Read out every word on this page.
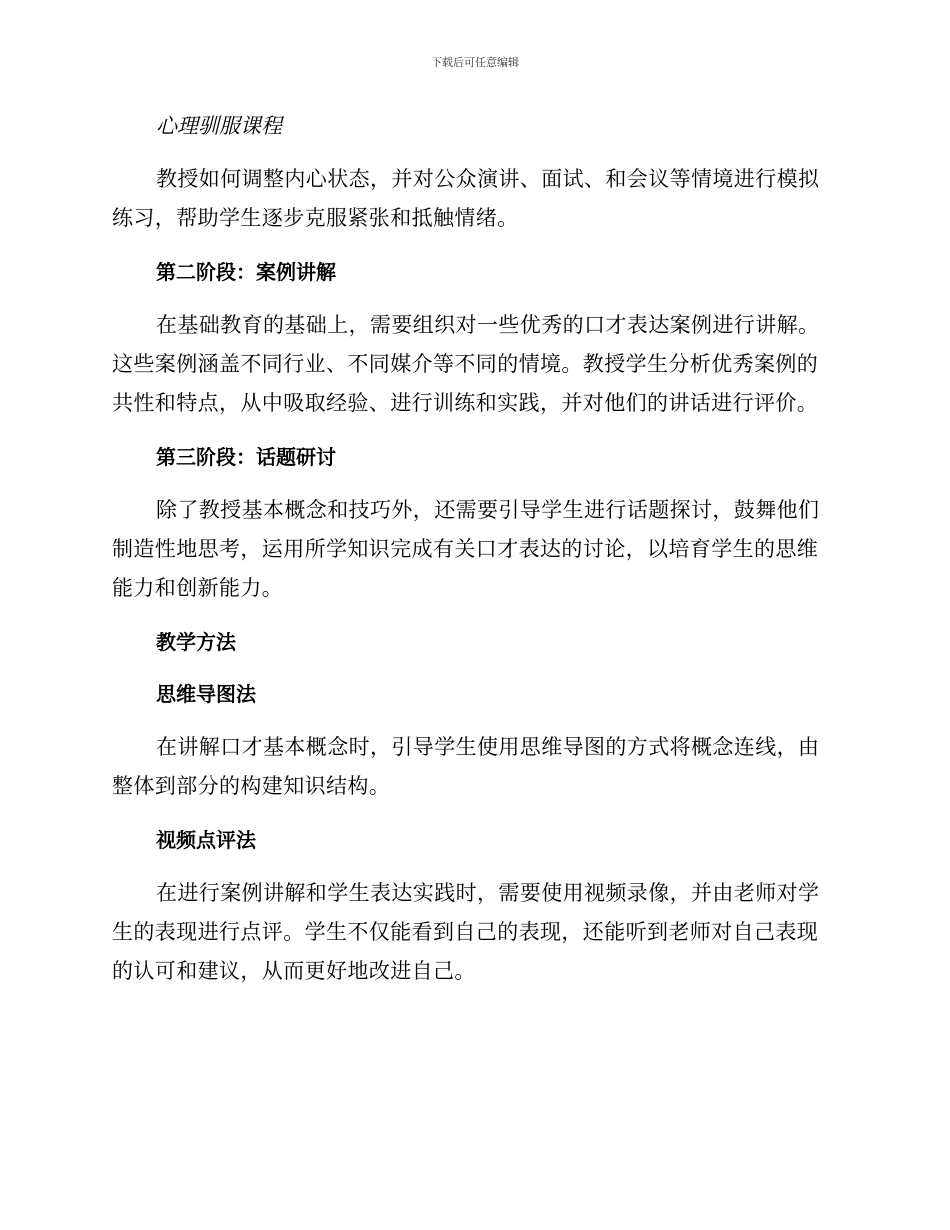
下载后可任意编辑
心理驯服课程
教授如何调整内心状态，并对公众演讲、面试、和会议等情境进行模拟练习，帮助学生逐步克服紧张和抵触情绪。
第二阶段：案例讲解
在基础教育的基础上，需要组织对一些优秀的口才表达案例进行讲解。这些案例涵盖不同行业、不同媒介等不同的情境。教授学生分析优秀案例的共性和特点，从中吸取经验、进行训练和实践，并对他们的讲话进行评价。
第三阶段：话题研讨
除了教授基本概念和技巧外，还需要引导学生进行话题探讨，鼓舞他们制造性地思考，运用所学知识完成有关口才表达的讨论，以培育学生的思维能力和创新能力。
教学方法
思维导图法
在讲解口才基本概念时，引导学生使用思维导图的方式将概念连线，由整体到部分的构建知识结构。
视频点评法
在进行案例讲解和学生表达实践时，需要使用视频录像，并由老师对学生的表现进行点评。学生不仅能看到自己的表现，还能听到老师对自己表现的认可和建议，从而更好地改进自己。
